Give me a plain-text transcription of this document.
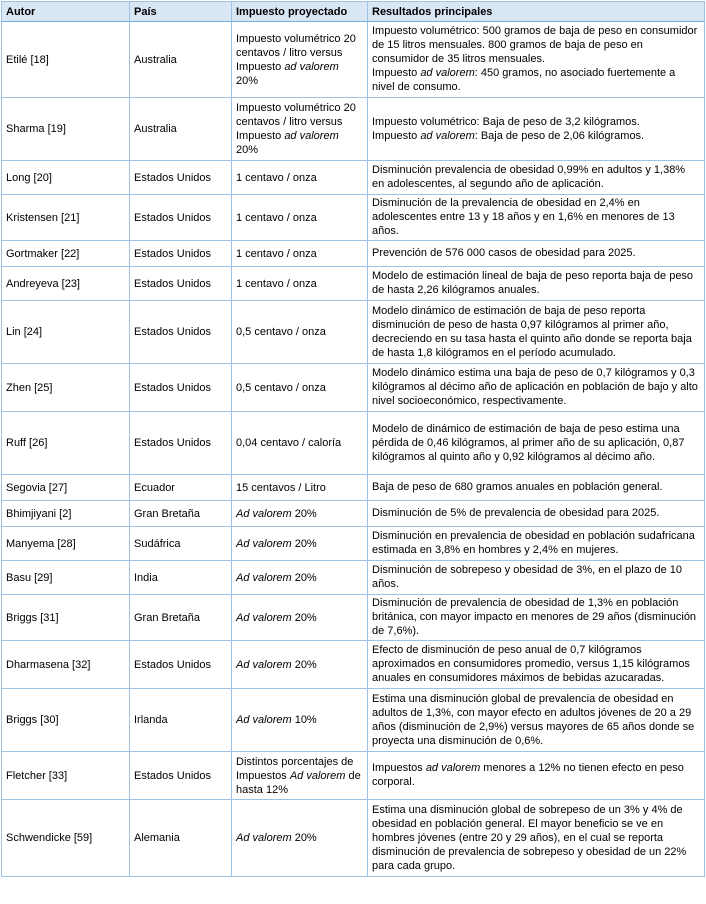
Autor	País	Impuesto proyectado	Resultados principales
Etilé [18]	Australia	Impuesto volumétrico 20 centavos / litro versus Impuesto ad valorem 20%	Impuesto volumétrico: 500 gramos de baja de peso en consumidor de 15 litros mensuales. 800 gramos de baja de peso en consumidor de 35 litros mensuales.
Impuesto ad valorem: 450 gramos, no asociado fuertemente a nivel de consumo.
Sharma [19]	Australia	Impuesto volumétrico 20 centavos / litro versus Impuesto ad valorem 20%	Impuesto volumétrico: Baja de peso de 3,2 kilógramos.
Impuesto ad valorem: Baja de peso de 2,06 kilógramos.
Long [20]	Estados Unidos	1 centavo / onza	Disminución prevalencia de obesidad 0,99% en adultos y 1,38% en adolescentes, al segundo año de aplicación.
Kristensen [21]	Estados Unidos	1 centavo / onza	Disminución de la prevalencia de obesidad en 2,4% en adolescentes entre 13 y 18 años y en 1,6% en menores de 13 años.
Gortmaker [22]	Estados Unidos	1 centavo / onza	Prevención de 576 000 casos de obesidad para 2025.
Andreyeva [23]	Estados Unidos	1 centavo / onza	Modelo de estimación lineal de baja de peso reporta baja de peso de hasta 2,26 kilógramos anuales.
Lin [24]	Estados Unidos	0,5 centavo / onza	Modelo dinámico de estimación de baja de peso reporta disminución de peso de hasta 0,97 kilógramos al primer año, decreciendo en su tasa hasta el quinto año donde se reporta baja de hasta 1,8 kilógramos en el período acumulado.
Zhen [25]	Estados Unidos	0,5 centavo / onza	Modelo dinámico estima una baja de peso de 0,7 kilógramos y 0,3 kilógramos al décimo año de aplicación en población de bajo y alto nivel socioeconómico, respectivamente.
Ruff [26]	Estados Unidos	0,04 centavo / caloría	Modelo de dinámico de estimación de baja de peso estima una pérdida de 0,46 kilógramos, al primer año de su aplicación, 0,87 kilógramos al quinto año y 0,92 kilógramos al décimo año.
Segovia [27]	Ecuador	15 centavos / Litro	Baja de peso de 680 gramos anuales en población general.
Bhimjiyani [2]	Gran Bretaña	Ad valorem 20%	Disminución de 5% de prevalencia de obesidad para 2025.
Manyema [28]	Sudáfrica	Ad valorem 20%	Disminución en prevalencia de obesidad en población sudafricana estimada en 3,8% en hombres y 2,4% en mujeres.
Basu [29]	India	Ad valorem 20%	Disminución de sobrepeso y obesidad de 3%, en el plazo de 10 años.
Briggs [31]	Gran Bretaña	Ad valorem 20%	Disminución de prevalencia de obesidad de 1,3% en población británica, con mayor impacto en menores de 29 años (disminución de 7,6%).
Dharmasena [32]	Estados Unidos	Ad valorem 20%	Efecto de disminución de peso anual de 0,7 kilógramos aproximados en consumidores promedio, versus 1,15 kilógramos anuales en consumidores máximos de bebidas azucaradas.
Briggs [30]	Irlanda	Ad valorem 10%	Estima una disminución global de prevalencia de obesidad en adultos de 1,3%, con mayor efecto en adultos jóvenes de 20 a 29 años (disminución de 2,9%) versus mayores de 65 años donde se proyecta una disminución de 0,6%.
Fletcher [33]	Estados Unidos	Distintos porcentajes de Impuestos Ad valorem de hasta 12%	Impuestos ad valorem menores a 12% no tienen efecto en peso corporal.
Schwendicke [59]	Alemania	Ad valorem 20%	Estima una disminución global de sobrepeso de un 3% y 4% de obesidad en población general. El mayor beneficio se ve en hombres jóvenes (entre 20 y 29 años), en el cual se reporta disminución de prevalencia de sobrepeso y obesidad de un 22% para cada grupo.
